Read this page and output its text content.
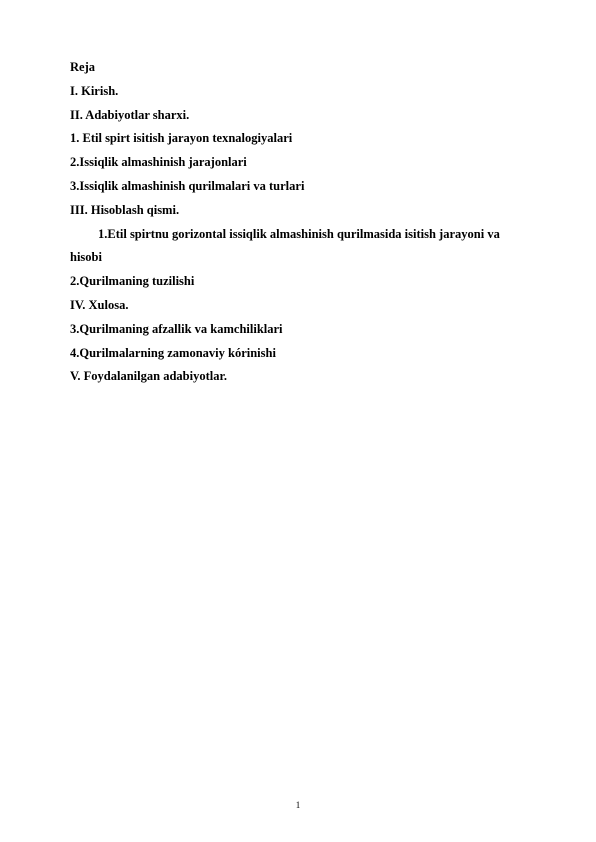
Reja
I. Kirish.
II. Adabiyotlar sharxi.
1. Etil spirt isitish jarayon texnalogiyalari
2.Issiqlik almashinish jarajonlari
3.Issiqlik almashinish qurilmalari va turlari
III. Hisoblash qismi.
1.Etil spirtnu gorizontal issiqlik almashinish qurilmasida isitish jarayoni va
hisobi
2.Qurilmaning tuzilishi
IV. Xulosa.
3.Qurilmaning afzallik va kamchiliklari
4.Qurilmalarning zamonaviy kórinishi
V. Foydalanilgan adabiyotlar.
1
